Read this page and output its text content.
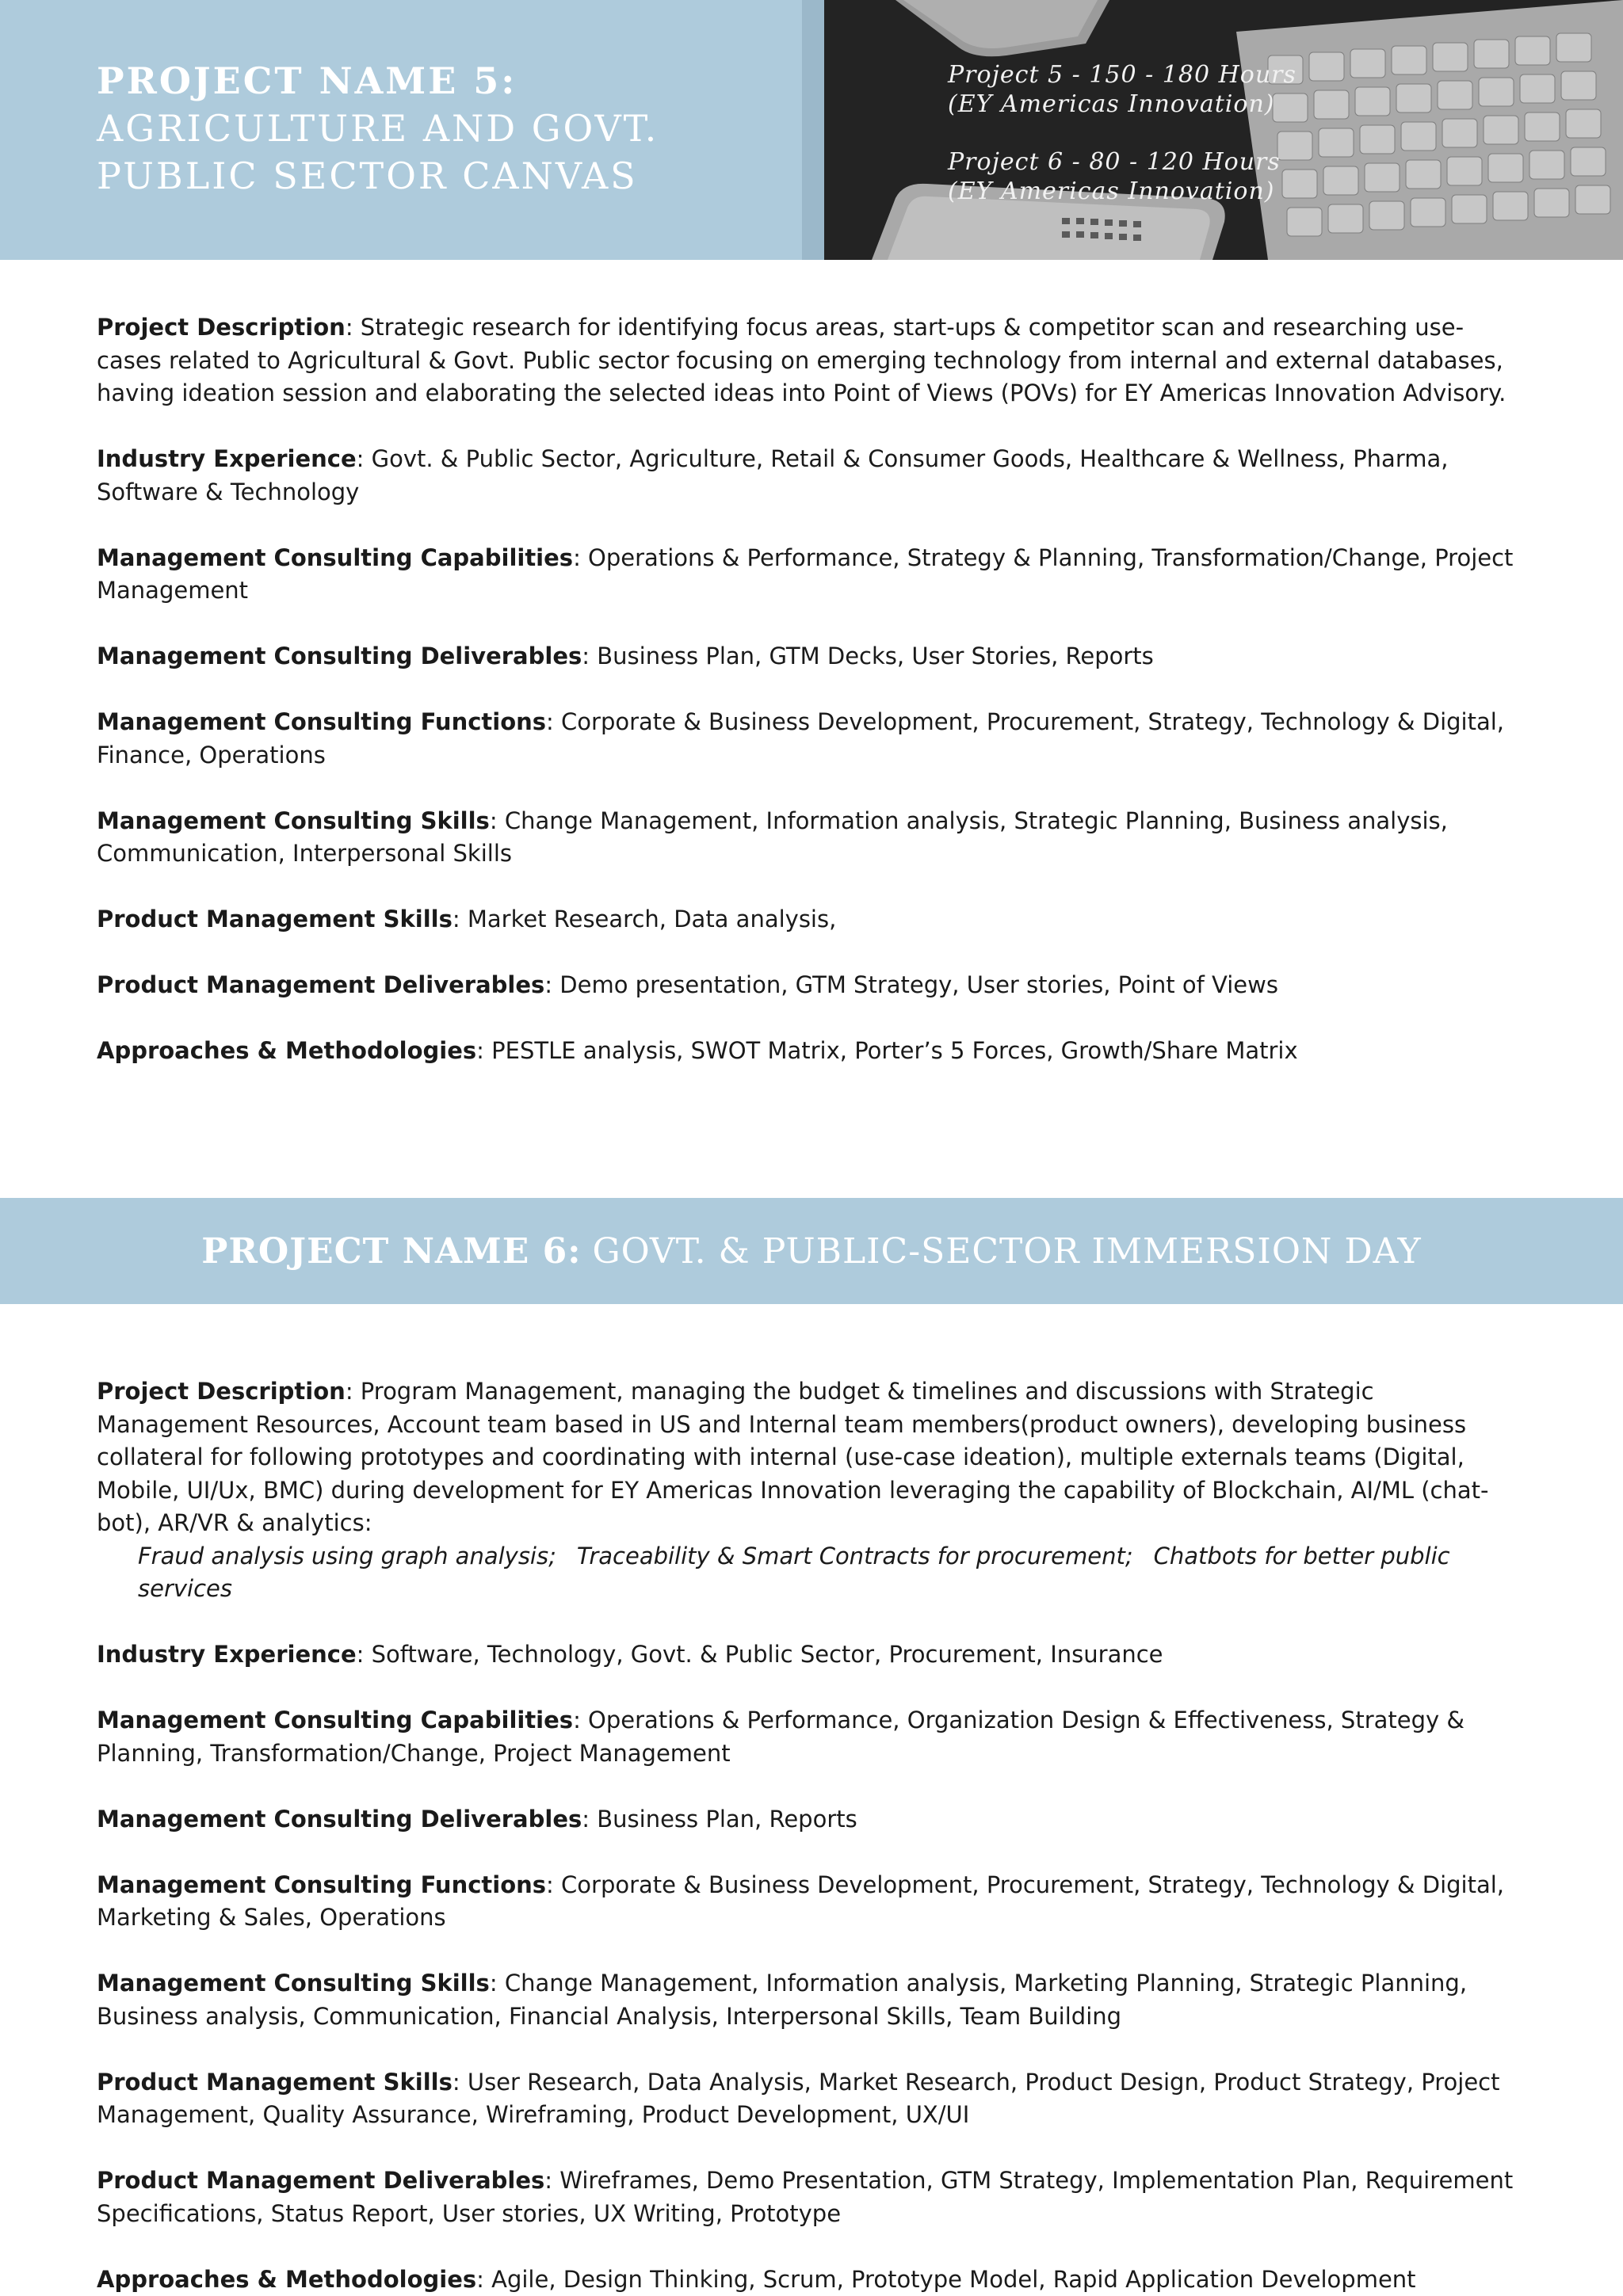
PROJECT NAME 5: AGRICULTURE AND GOVT. PUBLIC SECTOR CANVAS

Project 5 - 150 - 180 Hours
(EY Americas Innovation)

Project 6 - 80 - 120 Hours
(EY Americas Innovation)

Project Description: Strategic research for identifying focus areas, start-ups & competitor scan and researching use-cases related to Agricultural & Govt. Public sector focusing on emerging technology from internal and external databases, having ideation session and elaborating the selected ideas into Point of Views (POVs) for EY Americas Innovation Advisory.

Industry Experience: Govt. & Public Sector, Agriculture, Retail & Consumer Goods, Healthcare & Wellness, Pharma, Software & Technology

Management Consulting Capabilities: Operations & Performance, Strategy & Planning, Transformation/Change, Project Management

Management Consulting Deliverables: Business Plan, GTM Decks, User Stories, Reports

Management Consulting Functions: Corporate & Business Development, Procurement, Strategy, Technology & Digital, Finance, Operations

Management Consulting Skills: Change Management, Information analysis, Strategic Planning, Business analysis, Communication, Interpersonal Skills

Product Management Skills: Market Research, Data analysis,

Product Management Deliverables: Demo presentation, GTM Strategy, User stories, Point of Views

Approaches & Methodologies: PESTLE analysis, SWOT Matrix, Porter’s 5 Forces, Growth/Share Matrix

PROJECT NAME 6: GOVT. & PUBLIC-SECTOR IMMERSION DAY

Project Description: Program Management, managing the budget & timelines and discussions with Strategic Management Resources, Account team based in US and Internal team members(product owners), developing business collateral for following prototypes and coordinating with internal (use-case ideation), multiple externals teams (Digital, Mobile, UI/Ux, BMC) during development for EY Americas Innovation leveraging the capability of Blockchain, AI/ML (chat-bot), AR/VR & analytics:
Fraud analysis using graph analysis; Traceability & Smart Contracts for procurement; Chatbots for better public services

Industry Experience: Software, Technology, Govt. & Public Sector, Procurement, Insurance

Management Consulting Capabilities: Operations & Performance, Organization Design & Effectiveness, Strategy & Planning, Transformation/Change, Project Management

Management Consulting Deliverables: Business Plan, Reports

Management Consulting Functions: Corporate & Business Development, Procurement, Strategy, Technology & Digital, Marketing & Sales, Operations

Management Consulting Skills: Change Management, Information analysis, Marketing Planning, Strategic Planning, Business analysis, Communication, Financial Analysis, Interpersonal Skills, Team Building

Product Management Skills: User Research, Data Analysis, Market Research, Product Design, Product Strategy, Project Management, Quality Assurance, Wireframing, Product Development, UX/UI

Product Management Deliverables: Wireframes, Demo Presentation, GTM Strategy, Implementation Plan, Requirement Specifications, Status Report, User stories, UX Writing, Prototype

Approaches & Methodologies: Agile, Design Thinking, Scrum, Prototype Model, Rapid Application Development
